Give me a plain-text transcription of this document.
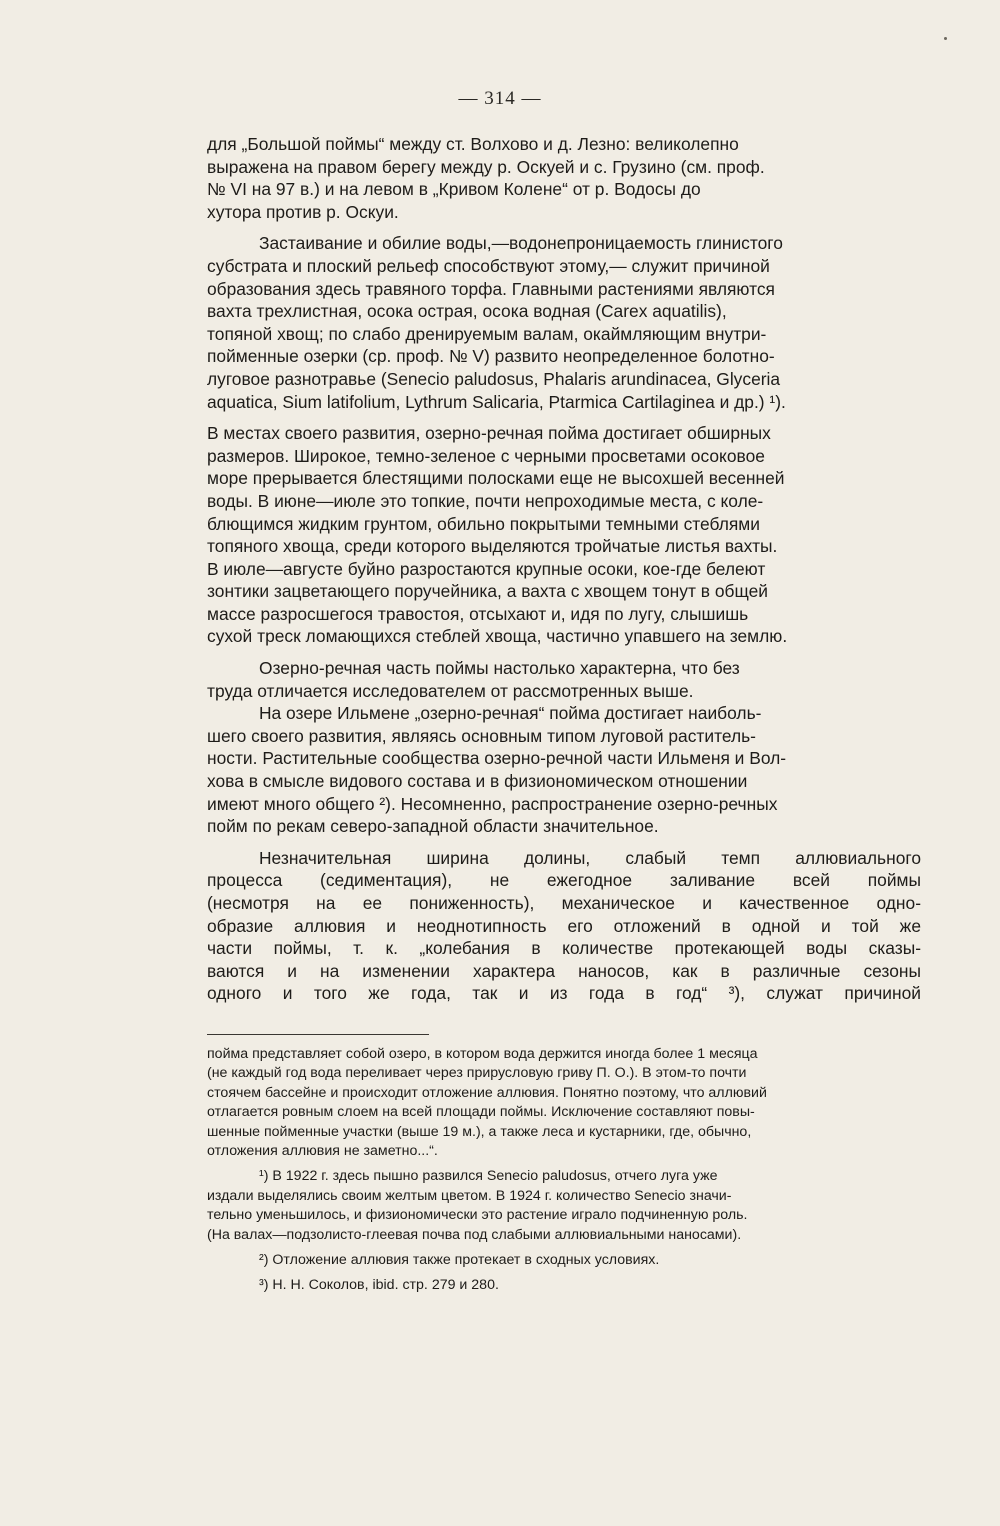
— 314 —

для „Большой поймы“ между ст. Волхово и д. Лезно: великолепно
выражена на правом берегу между р. Оскуей и с. Грузино (см. проф.
№ VI на 97 в.) и на левом в „Кривом Колене“ от р. Водосы до
хутора против р. Оскуи.

Застаивание и обилие воды,—водонепроницаемость глинистого
субстрата и плоский рельеф способствуют этому,— служит причиной
образования здесь травяного торфа. Главными растениями являются
вахта трехлистная, осока острая, осока водная (Carex aquatilis),
топяной хвощ; по слабо дренируемым валам, окаймляющим внутри-
пойменные озерки (ср. проф. № V) развито неопределенное болотно-
луговое разнотравье (Senecio paludosus, Phalaris arundinacea, Glyceria
aquatica, Sium latifolium, Lythrum Salicaria, Ptarmica Cartilaginea и др.) ¹).

В местах своего развития, озерно-речная пойма достигает обширных
размеров. Широкое, темно-зеленое с черными просветами осоковое
море прерывается блестящими полосками еще не высохшей весенней
воды. В июне—июле это топкие, почти непроходимые места, с коле-
блющимся жидким грунтом, обильно покрытыми темными стеблями
топяного хвоща, среди которого выделяются тройчатые листья вахты.
В июле—августе буйно разростаются крупные осоки, кое-где белеют
зонтики зацветающего поручейника, а вахта с хвощем тонут в общей
массе разросшегося травостоя, отсыхают и, идя по лугу, слышишь
сухой треск ломающихся стеблей хвоща, частично упавшего на землю.

Озерно-речная часть поймы настолько характерна, что без
труда отличается исследователем от рассмотренных выше.

На озере Ильмене „озерно-речная“ пойма достигает наиболь-
шего своего развития, являясь основным типом луговой раститель-
ности. Растительные сообщества озерно-речной части Ильменя и Вол-
хова в смысле видового состава и в физиономическом отношении
имеют много общего ²). Несомненно, распространение озерно-речных
пойм по рекам северо-западной области значительное.

Незначительная ширина долины, слабый темп аллювиального
процесса (седиментация), не ежегодное заливание всей поймы
(несмотря на ее пониженность), механическое и качественное одно-
образие аллювия и неоднотипность его отложений в одной и той же
части поймы, т. к. „колебания в количестве протекающей воды сказы-
ваются и на изменении характера наносов, как в различные сезоны
одного и того же года, так и из года в год“ ³), служат причиной

пойма представляет собой озеро, в котором вода держится иногда более 1 месяца
(не каждый год вода переливает через прирусловую гриву П. О.). В этом-то почти
стоячем бассейне и происходит отложение аллювия. Понятно поэтому, что аллювий
отлагается ровным слоем на всей площади поймы. Исключение составляют повы-
шенные пойменные участки (выше 19 м.), а также леса и кустарники, где, обычно,
отложения аллювия не заметно...“.

¹) В 1922 г. здесь пышно развился Senecio paludosus, отчего луга уже
издали выделялись своим желтым цветом. В 1924 г. количество Senecio значи-
тельно уменьшилось, и физиономически это растение играло подчиненную роль.
(На валах—подзолисто-глеевая почва под слабыми аллювиальными наносами).

²) Отложение аллювия также протекает в сходных условиях.

³) Н. Н. Соколов, ibid. стр. 279 и 280.
